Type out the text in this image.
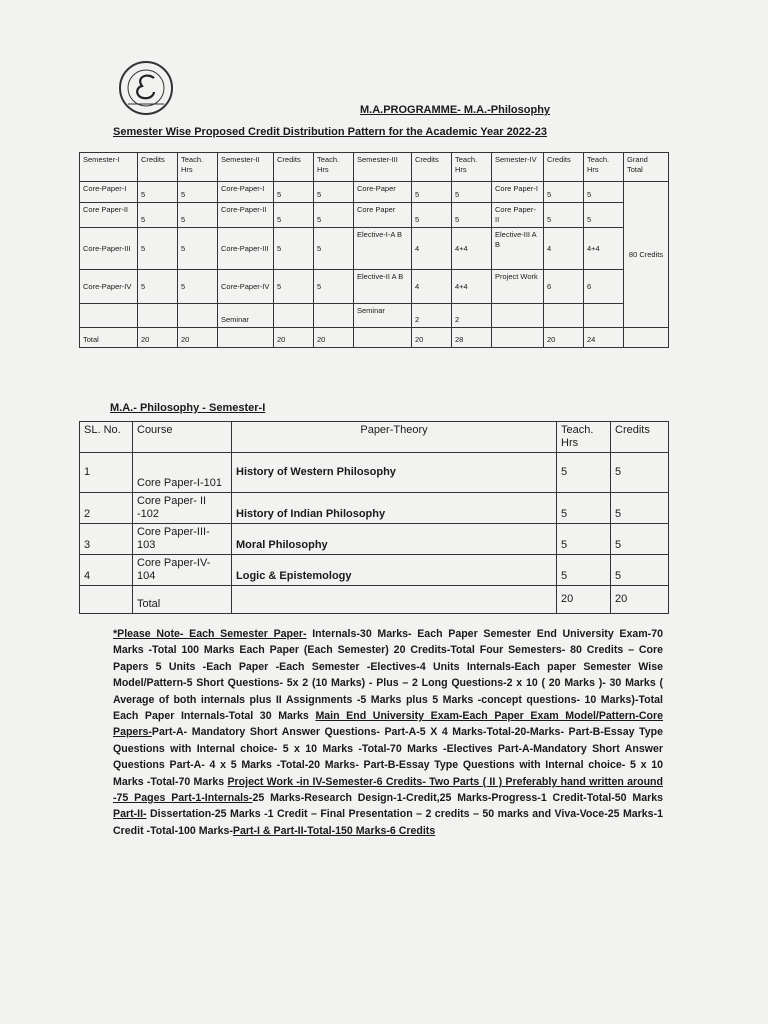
M.A.PROGRAMME- M.A.-Philosophy
Semester Wise Proposed Credit Distribution Pattern for the Academic Year 2022-23
Semester-I	Credits	Teach. Hrs	Semester-II	Credits	Teach. Hrs	Semester-III	Credits	Teach. Hrs	Semester-IV	Credits	Teach. Hrs	Grand Total
Core-Paper-I	5	5	Core-Paper-I	5	5	Core-Paper	5	5	Core Paper-I	5	5	80 Credits
Core Paper-II	5	5	Core-Paper-II	5	5	Core Paper	5	5	Core Paper-II	5	5	
Core-Paper-III	5	5	Core-Paper-III	5	5	Elective-I-A B	4	4+4	Elective-III A B	4	4+4	
Core-Paper-IV	5	5	Core-Paper-IV	5	5	Elective-II A B	4	4+4	Project Work	6	6	
			Seminar			Seminar	2	2				
Total	20	20		20	20		20	28		20	24	
M.A.- Philosophy - Semester-I
SL. No.	Course	Paper-Theory	Teach. Hrs	Credits
1	Core Paper-I-101	History of Western Philosophy	5	5
2	Core Paper- II -102	History of Indian Philosophy	5	5
3	Core Paper-III-103	Moral Philosophy	5	5
4	Core Paper-IV-104	Logic & Epistemology	5	5
	Total		20	20
*Please Note- Each Semester Paper- Internals-30 Marks- Each Paper Semester End University Exam-70 Marks -Total 100 Marks Each Paper (Each Semester) 20 Credits-Total Four Semesters- 80 Credits – Core Papers 5 Units -Each Paper -Each Semester -Electives-4 Units Internals-Each paper Semester Wise Model/Pattern-5 Short Questions- 5x 2 (10 Marks) - Plus – 2 Long Questions-2 x 10 ( 20 Marks )- 30 Marks ( Average of both internals plus II Assignments -5 Marks plus 5 Marks -concept questions- 10 Marks)-Total Each Paper Internals-Total 30 Marks Main End University Exam-Each Paper Exam Model/Pattern-Core Papers-Part-A- Mandatory Short Answer Questions- Part-A-5 X 4 Marks-Total-20-Marks- Part-B-Essay Type Questions with Internal choice- 5 x 10 Marks -Total-70 Marks -Electives Part-A-Mandatory Short Answer Questions Part-A- 4 x 5 Marks -Total-20 Marks- Part-B-Essay Type Questions with Internal choice- 5 x 10 Marks -Total-70 Marks Project Work -in IV-Semester-6 Credits- Two Parts ( II ) Preferably hand written around -75 Pages Part-1-Internals-25 Marks-Research Design-1-Credit,25 Marks-Progress-1 Credit-Total-50 Marks Part-II- Dissertation-25 Marks -1 Credit – Final Presentation – 2 credits – 50 marks and Viva-Voce-25 Marks-1 Credit -Total-100 Marks-Part-I & Part-II-Total-150 Marks-6 Credits
